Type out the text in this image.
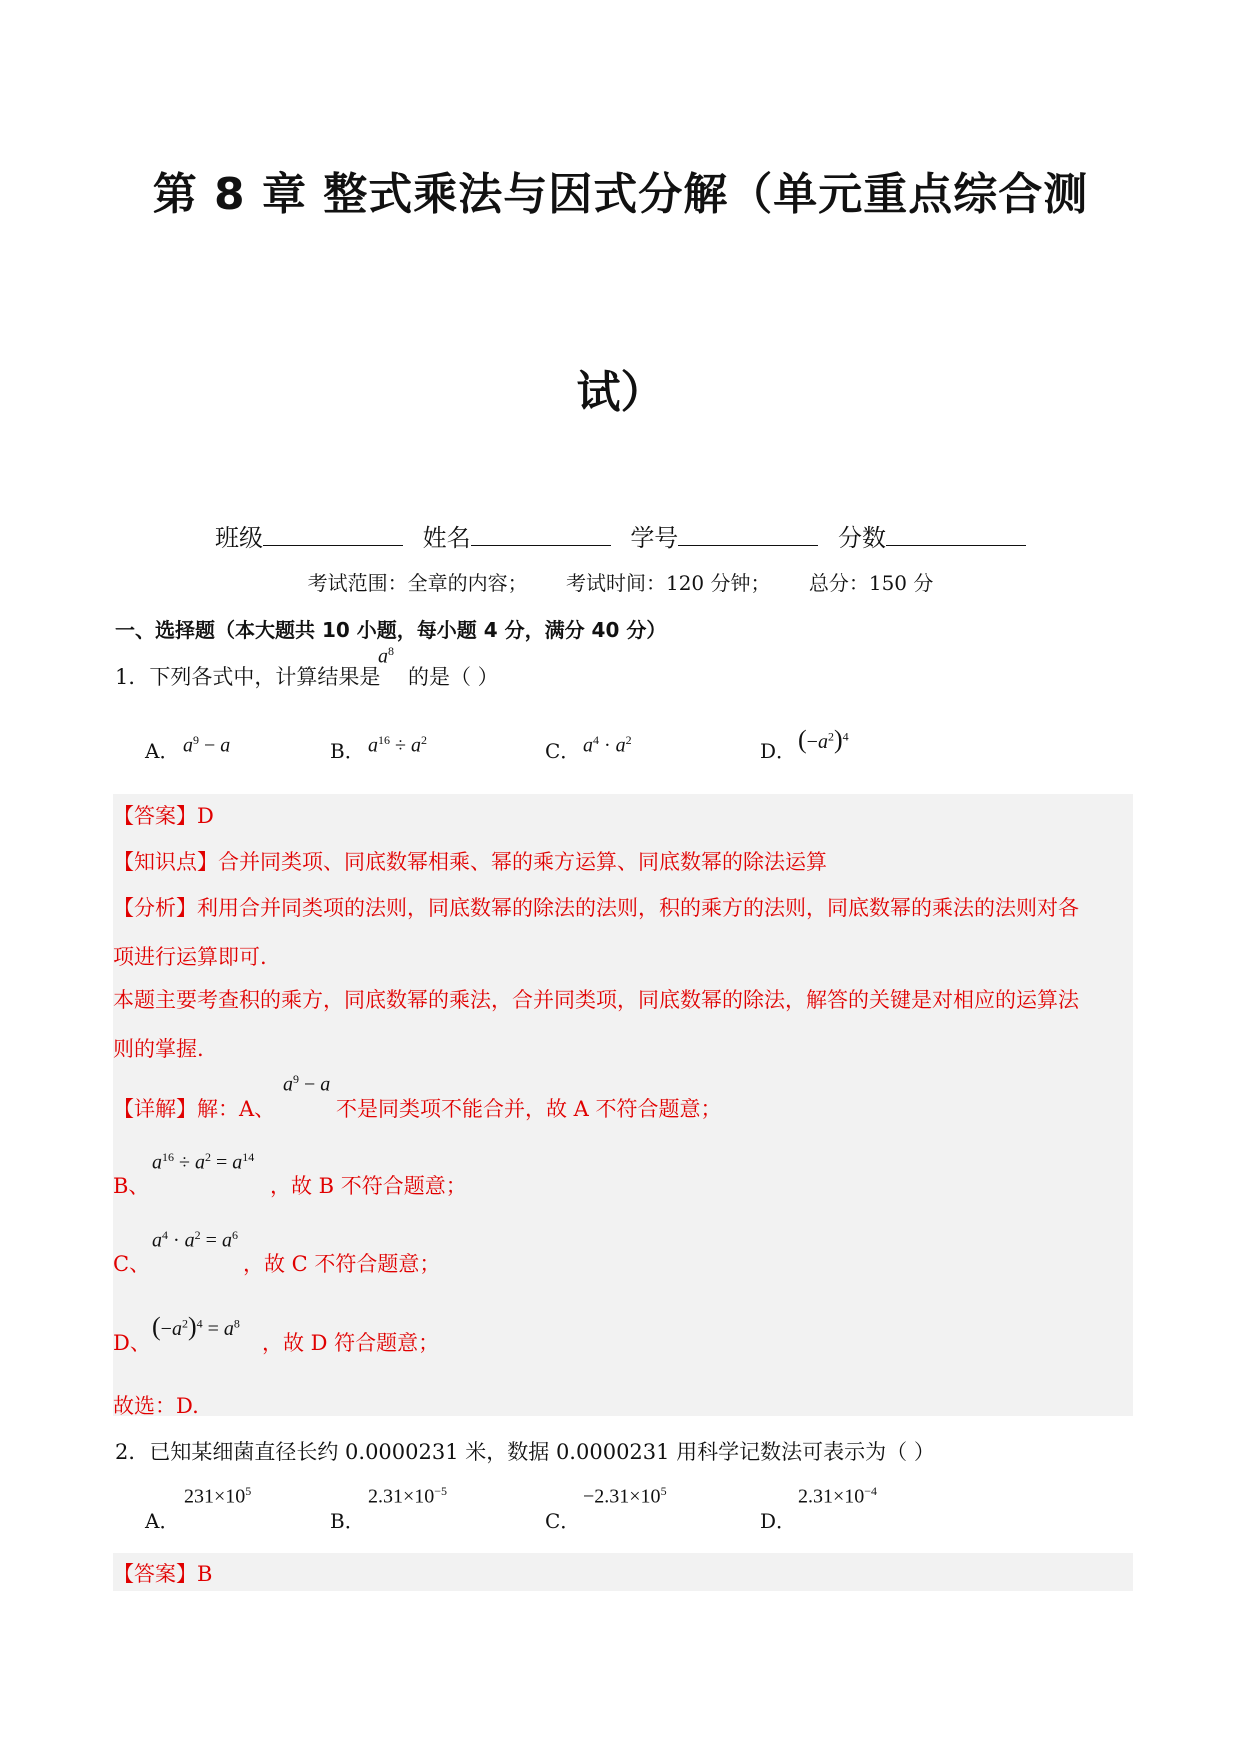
第 8 章 整式乘法与因式分解（单元重点综合测
试）
班级	姓名	学号	分数
考试范围：全章的内容； 考试时间：120 分钟； 总分：150 分
一、选择题（本大题共 10 小题，每小题 4 分，满分 40 分）
1．下列各式中，计算结果是
$a^8$
的是（ ）
A． $a^9 - a$	B． $a^{16} \div a^2$	C． $a^4 \cdot a^2$	D． $(-a^2)^4$
【答案】D
【知识点】合并同类项、同底数幂相乘、幂的乘方运算、同底数幂的除法运算
【分析】利用合并同类项的法则，同底数幂的除法的法则，积的乘方的法则，同底数幂的乘法的法则对各
项进行运算即可.
本题主要考查积的乘方，同底数幂的乘法，合并同类项，同底数幂的除法，解答的关键是对相应的运算法
则的掌握.
【详解】解：A、
$a^9 - a$
不是同类项不能合并，故 A 不符合题意；
B、
$a^{16} \div a^2 = a^{14}$
，故 B 不符合题意；
C、
$a^4 \cdot a^2 = a^6$
，故 C 不符合题意；
D、
$(-a^2)^4 = a^8$
，故 D 符合题意；
故选：D.
2．已知某细菌直径长约 0.0000231 米，数据 0.0000231 用科学记数法可表示为（ ）
A．
$231\times 10^5$
B．
$2.31\times 10^{-5}$
C．
$-2.31\times 10^5$
D．
$2.31\times 10^{-4}$
【答案】B
